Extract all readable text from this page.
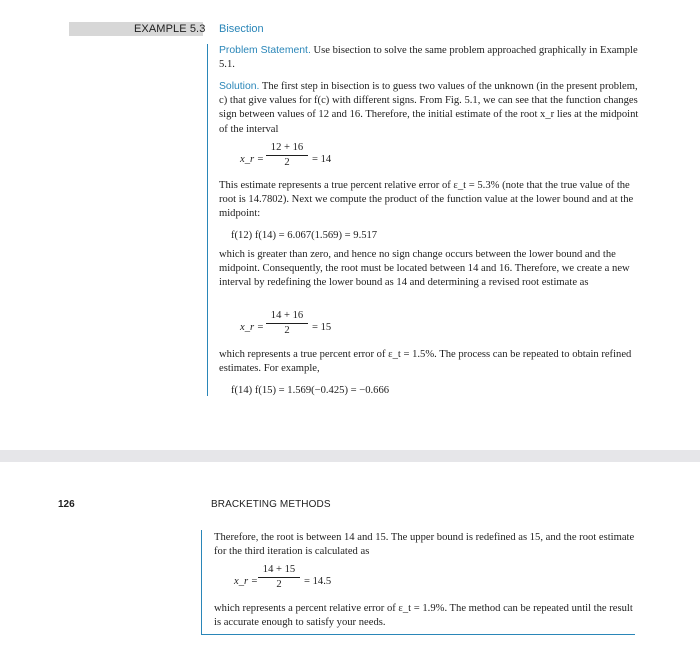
EXAMPLE 5.3 Bisection

Problem Statement. Use bisection to solve the same problem approached graphically in Example 5.1.

Solution. The first step in bisection is to guess two values of the unknown (in the present problem, c) that give values for f(c) with different signs. From Fig. 5.1, we can see that the function changes sign between values of 12 and 16. Therefore, the initial estimate of the root x_r lies at the midpoint of the interval

x_r = $\frac{12 + 16}{2} = 14$

This estimate represents a true percent relative error of ε_t = 5.3% (note that the true value of the root is 14.7802). Next we compute the product of the function value at the lower bound and at the midpoint:

f(12) f(14) = 6.067(1.569) = 9.517

which is greater than zero, and hence no sign change occurs between the lower bound and the midpoint. Consequently, the root must be located between 14 and 16. Therefore, we create a new interval by redefining the lower bound as 14 and determining a revised root estimate as

x_r = $\frac{14 + 16}{2} = 15$

which represents a true percent error of ε_t = 1.5%. The process can be repeated to obtain refined estimates. For example,

f(14) f(15) = 1.569(−0.425) = −0.666
126	BRACKETING METHODS

Therefore, the root is between 14 and 15. The upper bound is redefined as 15, and the root estimate for the third iteration is calculated as

x_r = $\frac{14 + 15}{2} = 14.5$

which represents a percent relative error of ε_t = 1.9%. The method can be repeated until the result is accurate enough to satisfy your needs.
